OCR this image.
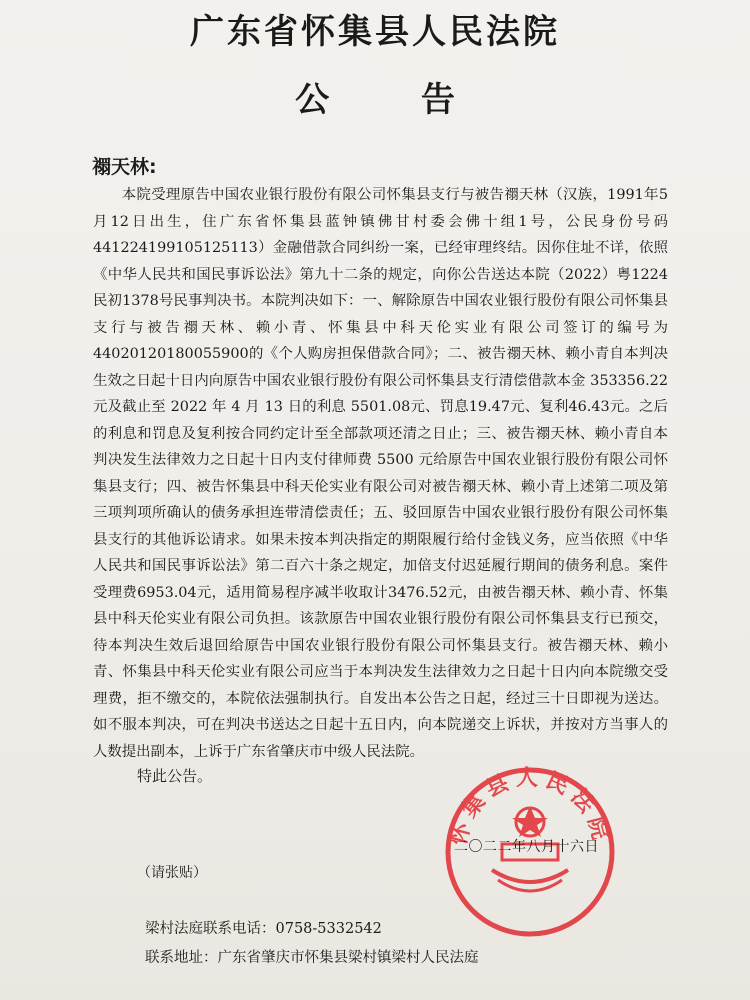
广东省怀集县人民法院
公 告
禤天林:
本院受理原告中国农业银行股份有限公司怀集县支行与被告禤天林（汉族，1991年5月12日出生，住广东省怀集县蓝钟镇佛甘村委会佛十组1号，公民身份号码 441224199105125113）金融借款合同纠纷一案，已经审理终结。因你住址不详，依照《中华人民共和国民事诉讼法》第九十二条的规定，向你公告送达本院（2022）粤1224民初1378号民事判决书。本院判决如下：一、解除原告中国农业银行股份有限公司怀集县支行与被告禤天林、赖小青、怀集县中科天伦实业有限公司签订的编号为44020120180055900的《个人购房担保借款合同》；二、被告禤天林、赖小青自本判决生效之日起十日内向原告中国农业银行股份有限公司怀集县支行清偿借款本金 353356.22 元及截止至 2022 年 4 月 13 日的利息 5501.08元、罚息19.47元、复利46.43元。之后的利息和罚息及复利按合同约定计至全部款项还清之日止；三、被告禤天林、赖小青自本判决发生法律效力之日起十日内支付律师费 5500 元给原告中国农业银行股份有限公司怀集县支行；四、被告怀集县中科天伦实业有限公司对被告禤天林、赖小青上述第二项及第三项判项所确认的债务承担连带清偿责任；五、驳回原告中国农业银行股份有限公司怀集县支行的其他诉讼请求。如果未按本判决指定的期限履行给付金钱义务，应当依照《中华人民共和国民事诉讼法》第二百六十条之规定，加倍支付迟延履行期间的债务利息。案件受理费6953.04元，适用简易程序减半收取计3476.52元，由被告禤天林、赖小青、怀集县中科天伦实业有限公司负担。该款原告中国农业银行股份有限公司怀集县支行已预交，待本判决生效后退回给原告中国农业银行股份有限公司怀集县支行。被告禤天林、赖小青、怀集县中科天伦实业有限公司应当于本判决发生法律效力之日起十日内向本院缴交受理费，拒不缴交的，本院依法强制执行。自发出本公告之日起，经过三十日即视为送达。如不服本判决，可在判决书送达之日起十五日内，向本院递交上诉状，并按对方当事人的人数提出副本，上诉于广东省肇庆市中级人民法院。
特此公告。
怀集县人民法院
二〇二二年八月十六日
（请张贴）
梁村法庭联系电话：0758-5332542
联系地址：广东省肇庆市怀集县梁村镇梁村人民法庭
